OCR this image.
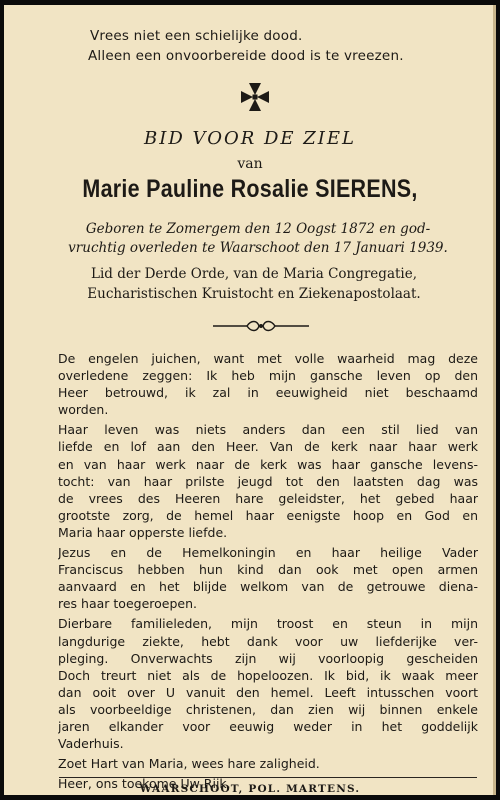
Vrees niet een schielijke dood.
Alleen een onvoorbereide dood is te vreezen.
BID VOOR DE ZIEL
van
Marie Pauline Rosalie SIERENS,
Geboren te Zomergem den 12 Oogst 1872 en god-
vruchtig overleden te Waarschoot den 17 Januari 1939.
Lid der Derde Orde, van de Maria Congregatie,
Eucharistischen Kruistocht en Ziekenapostolaat.
De engelen juichen, want met volle waarheid mag deze
overledene zeggen: Ik heb mijn gansche leven op den
Heer betrouwd, ik zal in eeuwigheid niet beschaamd
worden.
Haar leven was niets anders dan een stil lied van
liefde en lof aan den Heer. Van de kerk naar haar werk
en van haar werk naar de kerk was haar gansche levens-
tocht: van haar prilste jeugd tot den laatsten dag was
de vrees des Heeren hare geleidster, het gebed haar
grootste zorg, de hemel haar eenigste hoop en God en
Maria haar opperste liefde.
Jezus en de Hemelkoningin en haar heilige Vader
Franciscus hebben hun kind dan ook met open armen
aanvaard en het blijde welkom van de getrouwe diena-
res haar toegeroepen.
Dierbare familieleden, mijn troost en steun in mijn
langdurige ziekte, hebt dank voor uw liefderijke ver-
pleging. Onverwachts zijn wij voorloopig gescheiden
Doch treurt niet als de hopeloozen. Ik bid, ik waak meer
dan ooit over U vanuit den hemel. Leeft intusschen voort
als voorbeeldige christenen, dan zien wij binnen enkele
jaren elkander voor eeuwig weder in het goddelijk
Vaderhuis.
Zoet Hart van Maria, wees hare zaligheid.
Heer, ons toekome Uw Rijk.
WAARSCHOOT, POL. MARTENS.
